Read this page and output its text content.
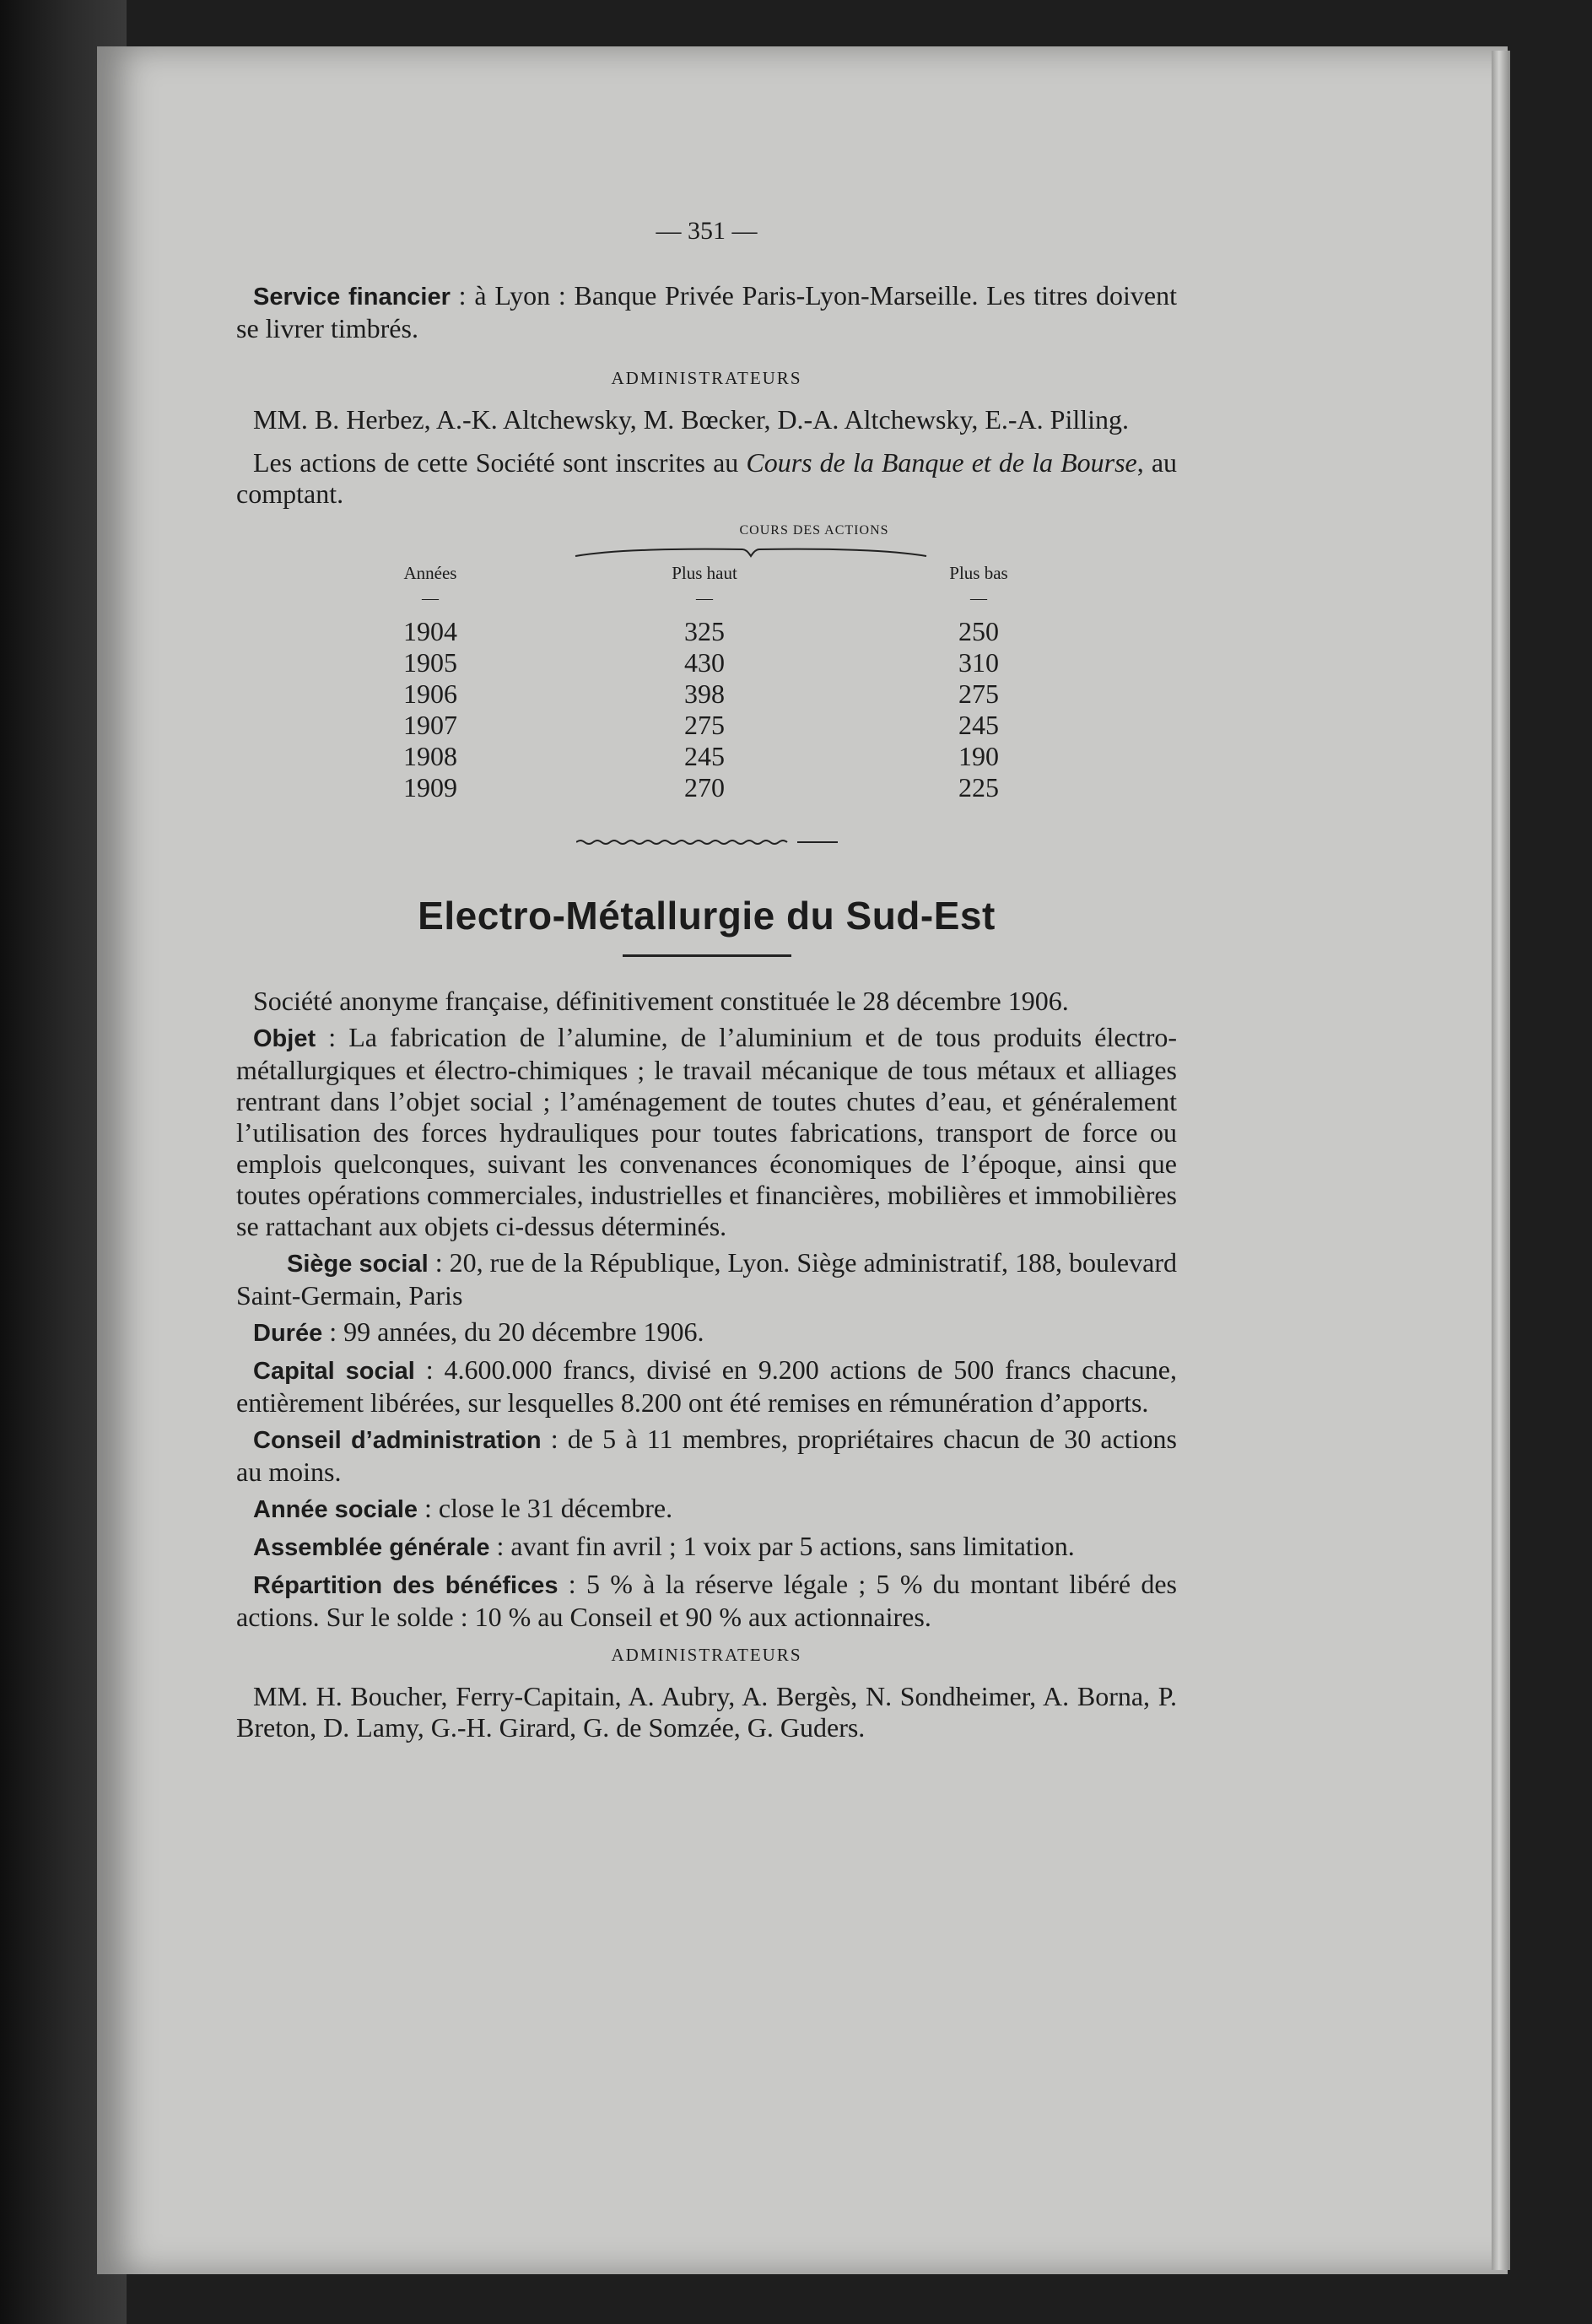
— 351 —

Service financier : à Lyon : Banque Privée Paris-Lyon-Marseille. Les titres doivent se livrer timbrés.

ADMINISTRATEURS

MM. B. Herbez, A.-K. Altchewsky, M. Bœcker, D.-A. Altchewsky, E.-A. Pilling.

Les actions de cette Société sont inscrites au Cours de la Banque et de la Bourse, au comptant.

COURS DES ACTIONS
Années	Plus haut	Plus bas
—	—	—
1904	325	250
1905	430	310
1906	398	275
1907	275	245
1908	245	190
1909	270	225
Electro-Métallurgie du Sud-Est

Société anonyme française, définitivement constituée le 28 décembre 1906.

Objet : La fabrication de l’alumine, de l’aluminium et de tous produits électro-métallurgiques et électro-chimiques ; le travail mécanique de tous métaux et alliages rentrant dans l’objet social ; l’aménagement de toutes chutes d’eau, et généralement l’utilisation des forces hydrauliques pour toutes fabrications, transport de force ou emplois quelconques, suivant les convenances économiques de l’époque, ainsi que toutes opérations commerciales, industrielles et financières, mobilières et immobilières se rattachant aux objets ci-dessus déterminés.

Siège social : 20, rue de la République, Lyon. Siège administratif, 188, boulevard Saint-Germain, Paris

Durée : 99 années, du 20 décembre 1906.

Capital social : 4.600.000 francs, divisé en 9.200 actions de 500 francs chacune, entièrement libérées, sur lesquelles 8.200 ont été remises en rémunération d’apports.

Conseil d’administration : de 5 à 11 membres, propriétaires chacun de 30 actions au moins.

Année sociale : close le 31 décembre.

Assemblée générale : avant fin avril ; 1 voix par 5 actions, sans limitation.

Répartition des bénéfices : 5 % à la réserve légale ; 5 % du montant libéré des actions. Sur le solde : 10 % au Conseil et 90 % aux actionnaires.

ADMINISTRATEURS

MM. H. Boucher, Ferry-Capitain, A. Aubry, A. Bergès, N. Sondheimer, A. Borna, P. Breton, D. Lamy, G.-H. Girard, G. de Somzée, G. Guders.
